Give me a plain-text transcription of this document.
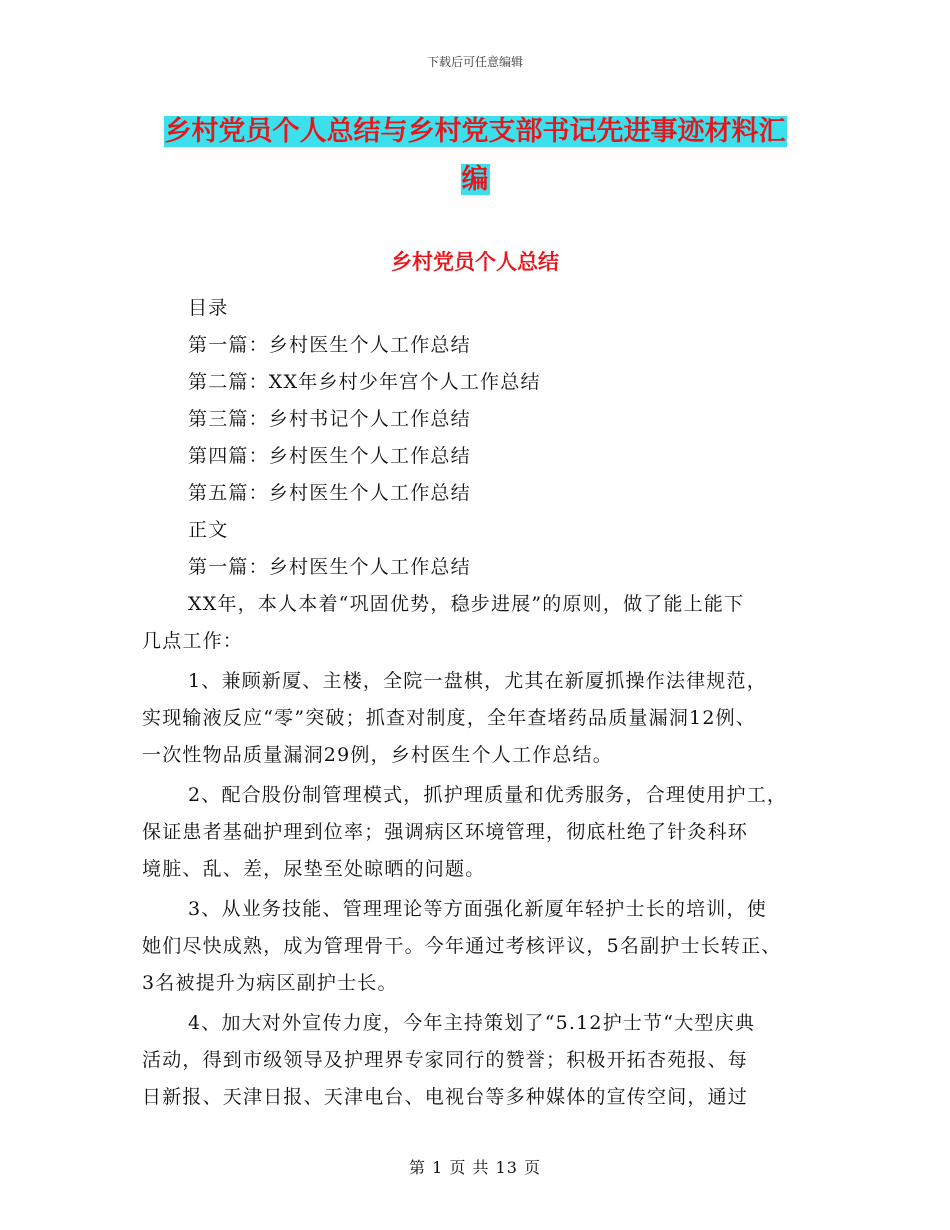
下载后可任意编辑
乡村党员个人总结与乡村党支部书记先进事迹材料汇
编
乡村党员个人总结
目录
第一篇：乡村医生个人工作总结
第二篇：XX年乡村少年宫个人工作总结
第三篇：乡村书记个人工作总结
第四篇：乡村医生个人工作总结
第五篇：乡村医生个人工作总结
正文
第一篇：乡村医生个人工作总结
XX年，本人本着“巩固优势，稳步进展”的原则，做了能上能下
几点工作：
1、兼顾新厦、主楼，全院一盘棋，尤其在新厦抓操作法律规范，
实现输液反应“零”突破；抓查对制度，全年查堵药品质量漏洞12例、
一次性物品质量漏洞29例，乡村医生个人工作总结。
2、配合股份制管理模式，抓护理质量和优秀服务，合理使用护工，
保证患者基础护理到位率；强调病区环境管理，彻底杜绝了针灸科环
境脏、乱、差，尿垫至处晾晒的问题。
3、从业务技能、管理理论等方面强化新厦年轻护士长的培训，使
她们尽快成熟，成为管理骨干。今年通过考核评议，5名副护士长转正、
3名被提升为病区副护士长。
4、加大对外宣传力度，今年主持策划了“5.12护士节“大型庆典
活动，得到市级领导及护理界专家同行的赞誉；积极开拓杏苑报、每
日新报、天津日报、天津电台、电视台等多种媒体的宣传空间，通过
第 1 页 共 13 页
